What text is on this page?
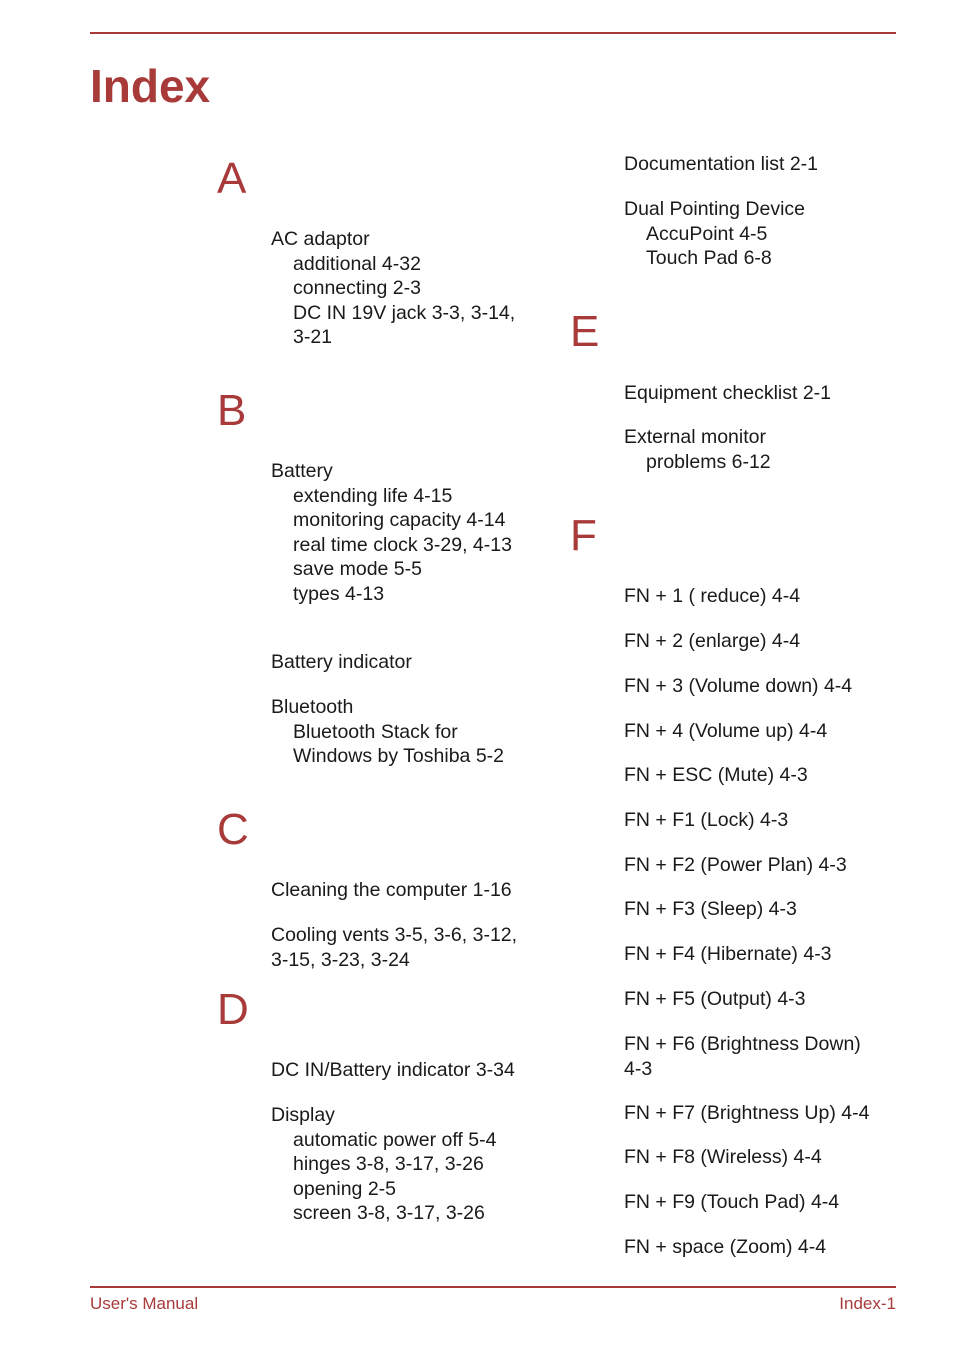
Index
A
AC adaptor
additional 4-32
connecting 2-3
DC IN 19V jack 3-3, 3-14,
3-21
B
Battery
extending life 4-15
monitoring capacity 4-14
real time clock 3-29, 4-13
save mode 5-5
types 4-13
Battery indicator
Bluetooth
Bluetooth Stack for
Windows by Toshiba 5-2
C
Cleaning the computer 1-16
Cooling vents 3-5, 3-6, 3-12,
3-15, 3-23, 3-24
D
DC IN/Battery indicator 3-34
Display
automatic power off 5-4
hinges 3-8, 3-17, 3-26
opening 2-5
screen 3-8, 3-17, 3-26
Documentation list 2-1
Dual Pointing Device
AccuPoint 4-5
Touch Pad 6-8
E
Equipment checklist 2-1
External monitor
problems 6-12
F
FN + 1 ( reduce) 4-4
FN + 2 (enlarge) 4-4
FN + 3 (Volume down) 4-4
FN + 4 (Volume up) 4-4
FN + ESC (Mute) 4-3
FN + F1 (Lock) 4-3
FN + F2 (Power Plan) 4-3
FN + F3 (Sleep) 4-3
FN + F4 (Hibernate) 4-3
FN + F5 (Output) 4-3
FN + F6 (Brightness Down)
4-3
FN + F7 (Brightness Up) 4-4
FN + F8 (Wireless) 4-4
FN + F9 (Touch Pad) 4-4
FN + space (Zoom) 4-4
User's Manual	Index-1
